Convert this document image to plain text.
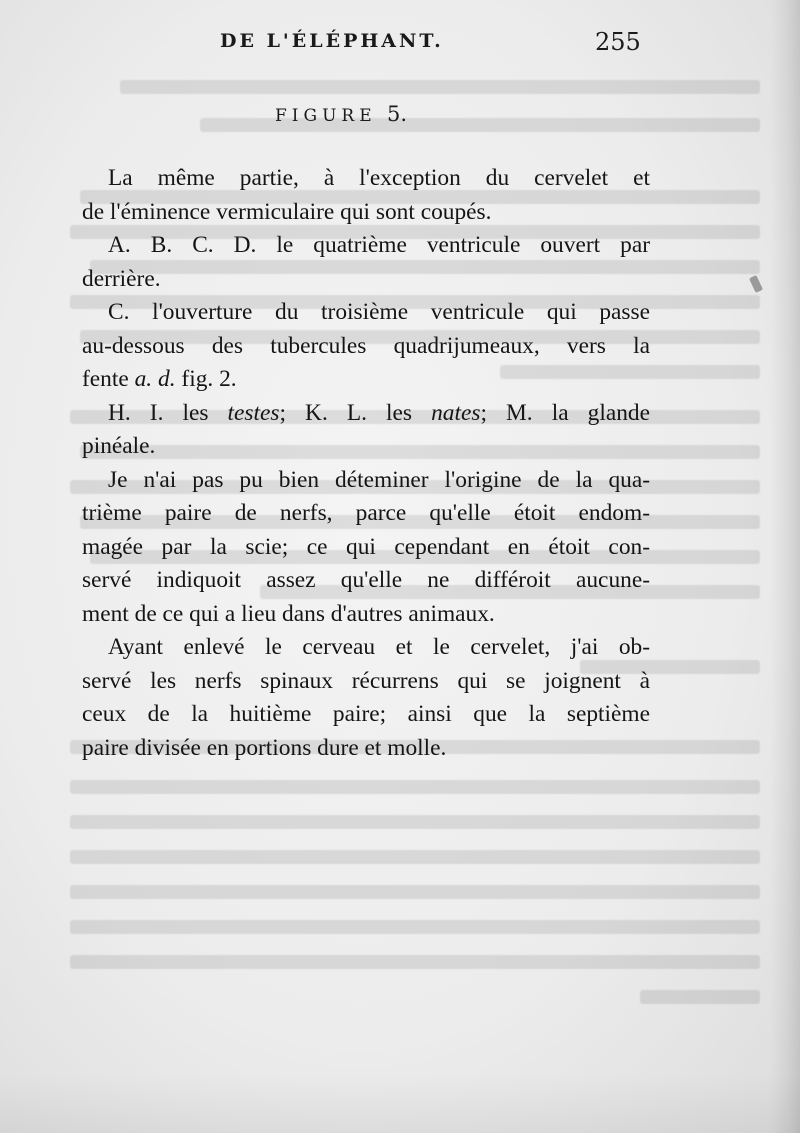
DE L'ÉLÉPHANT.	255
FIGURE 5.
La même partie, à l'exception du cervelet et
de l'éminence vermiculaire qui sont coupés.
A. B. C. D. le quatrième ventricule ouvert par
derrière.
C. l'ouverture du troisième ventricule qui passe
au-dessous des tubercules quadrijumeaux, vers la
fente a. d. fig. 2.
H. I. les testes; K. L. les nates; M. la glande
pinéale.
Je n'ai pas pu bien déteminer l'origine de la qua-
trième paire de nerfs, parce qu'elle étoit endom-
magée par la scie; ce qui cependant en étoit con-
servé indiquoit assez qu'elle ne différoit aucune-
ment de ce qui a lieu dans d'autres animaux.
Ayant enlevé le cerveau et le cervelet, j'ai ob-
servé les nerfs spinaux récurrens qui se joignent à
ceux de la huitième paire; ainsi que la septième
paire divisée en portions dure et molle.
